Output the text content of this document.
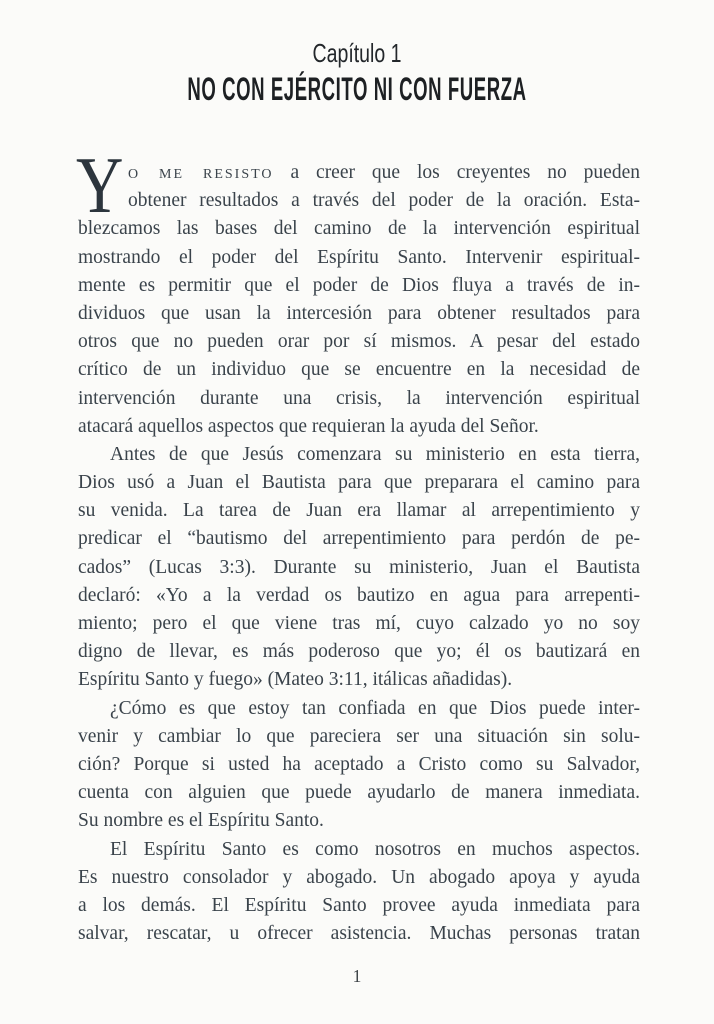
Capítulo 1
NO CON EJÉRCITO NI CON FUERZA
Y o me resisto a creer que los creyentes no pueden
obtener resultados a través del poder de la oración. Esta-
blezcamos las bases del camino de la intervención espiritual
mostrando el poder del Espíritu Santo. Intervenir espiritual-
mente es permitir que el poder de Dios fluya a través de in-
dividuos que usan la intercesión para obtener resultados para
otros que no pueden orar por sí mismos. A pesar del estado
crítico de un individuo que se encuentre en la necesidad de
intervención durante una crisis, la intervención espiritual
atacará aquellos aspectos que requieran la ayuda del Señor.
Antes de que Jesús comenzara su ministerio en esta tierra,
Dios usó a Juan el Bautista para que preparara el camino para
su venida. La tarea de Juan era llamar al arrepentimiento y
predicar el “bautismo del arrepentimiento para perdón de pe-
cados” (Lucas 3:3). Durante su ministerio, Juan el Bautista
declaró: «Yo a la verdad os bautizo en agua para arrepenti-
miento; pero el que viene tras mí, cuyo calzado yo no soy
digno de llevar, es más poderoso que yo; él os bautizará en
Espíritu Santo y fuego» (Mateo 3:11, itálicas añadidas).
¿Cómo es que estoy tan confiada en que Dios puede inter-
venir y cambiar lo que pareciera ser una situación sin solu-
ción? Porque si usted ha aceptado a Cristo como su Salvador,
cuenta con alguien que puede ayudarlo de manera inmediata.
Su nombre es el Espíritu Santo.
El Espíritu Santo es como nosotros en muchos aspectos.
Es nuestro consolador y abogado. Un abogado apoya y ayuda
a los demás. El Espíritu Santo provee ayuda inmediata para
salvar, rescatar, u ofrecer asistencia. Muchas personas tratan
1
